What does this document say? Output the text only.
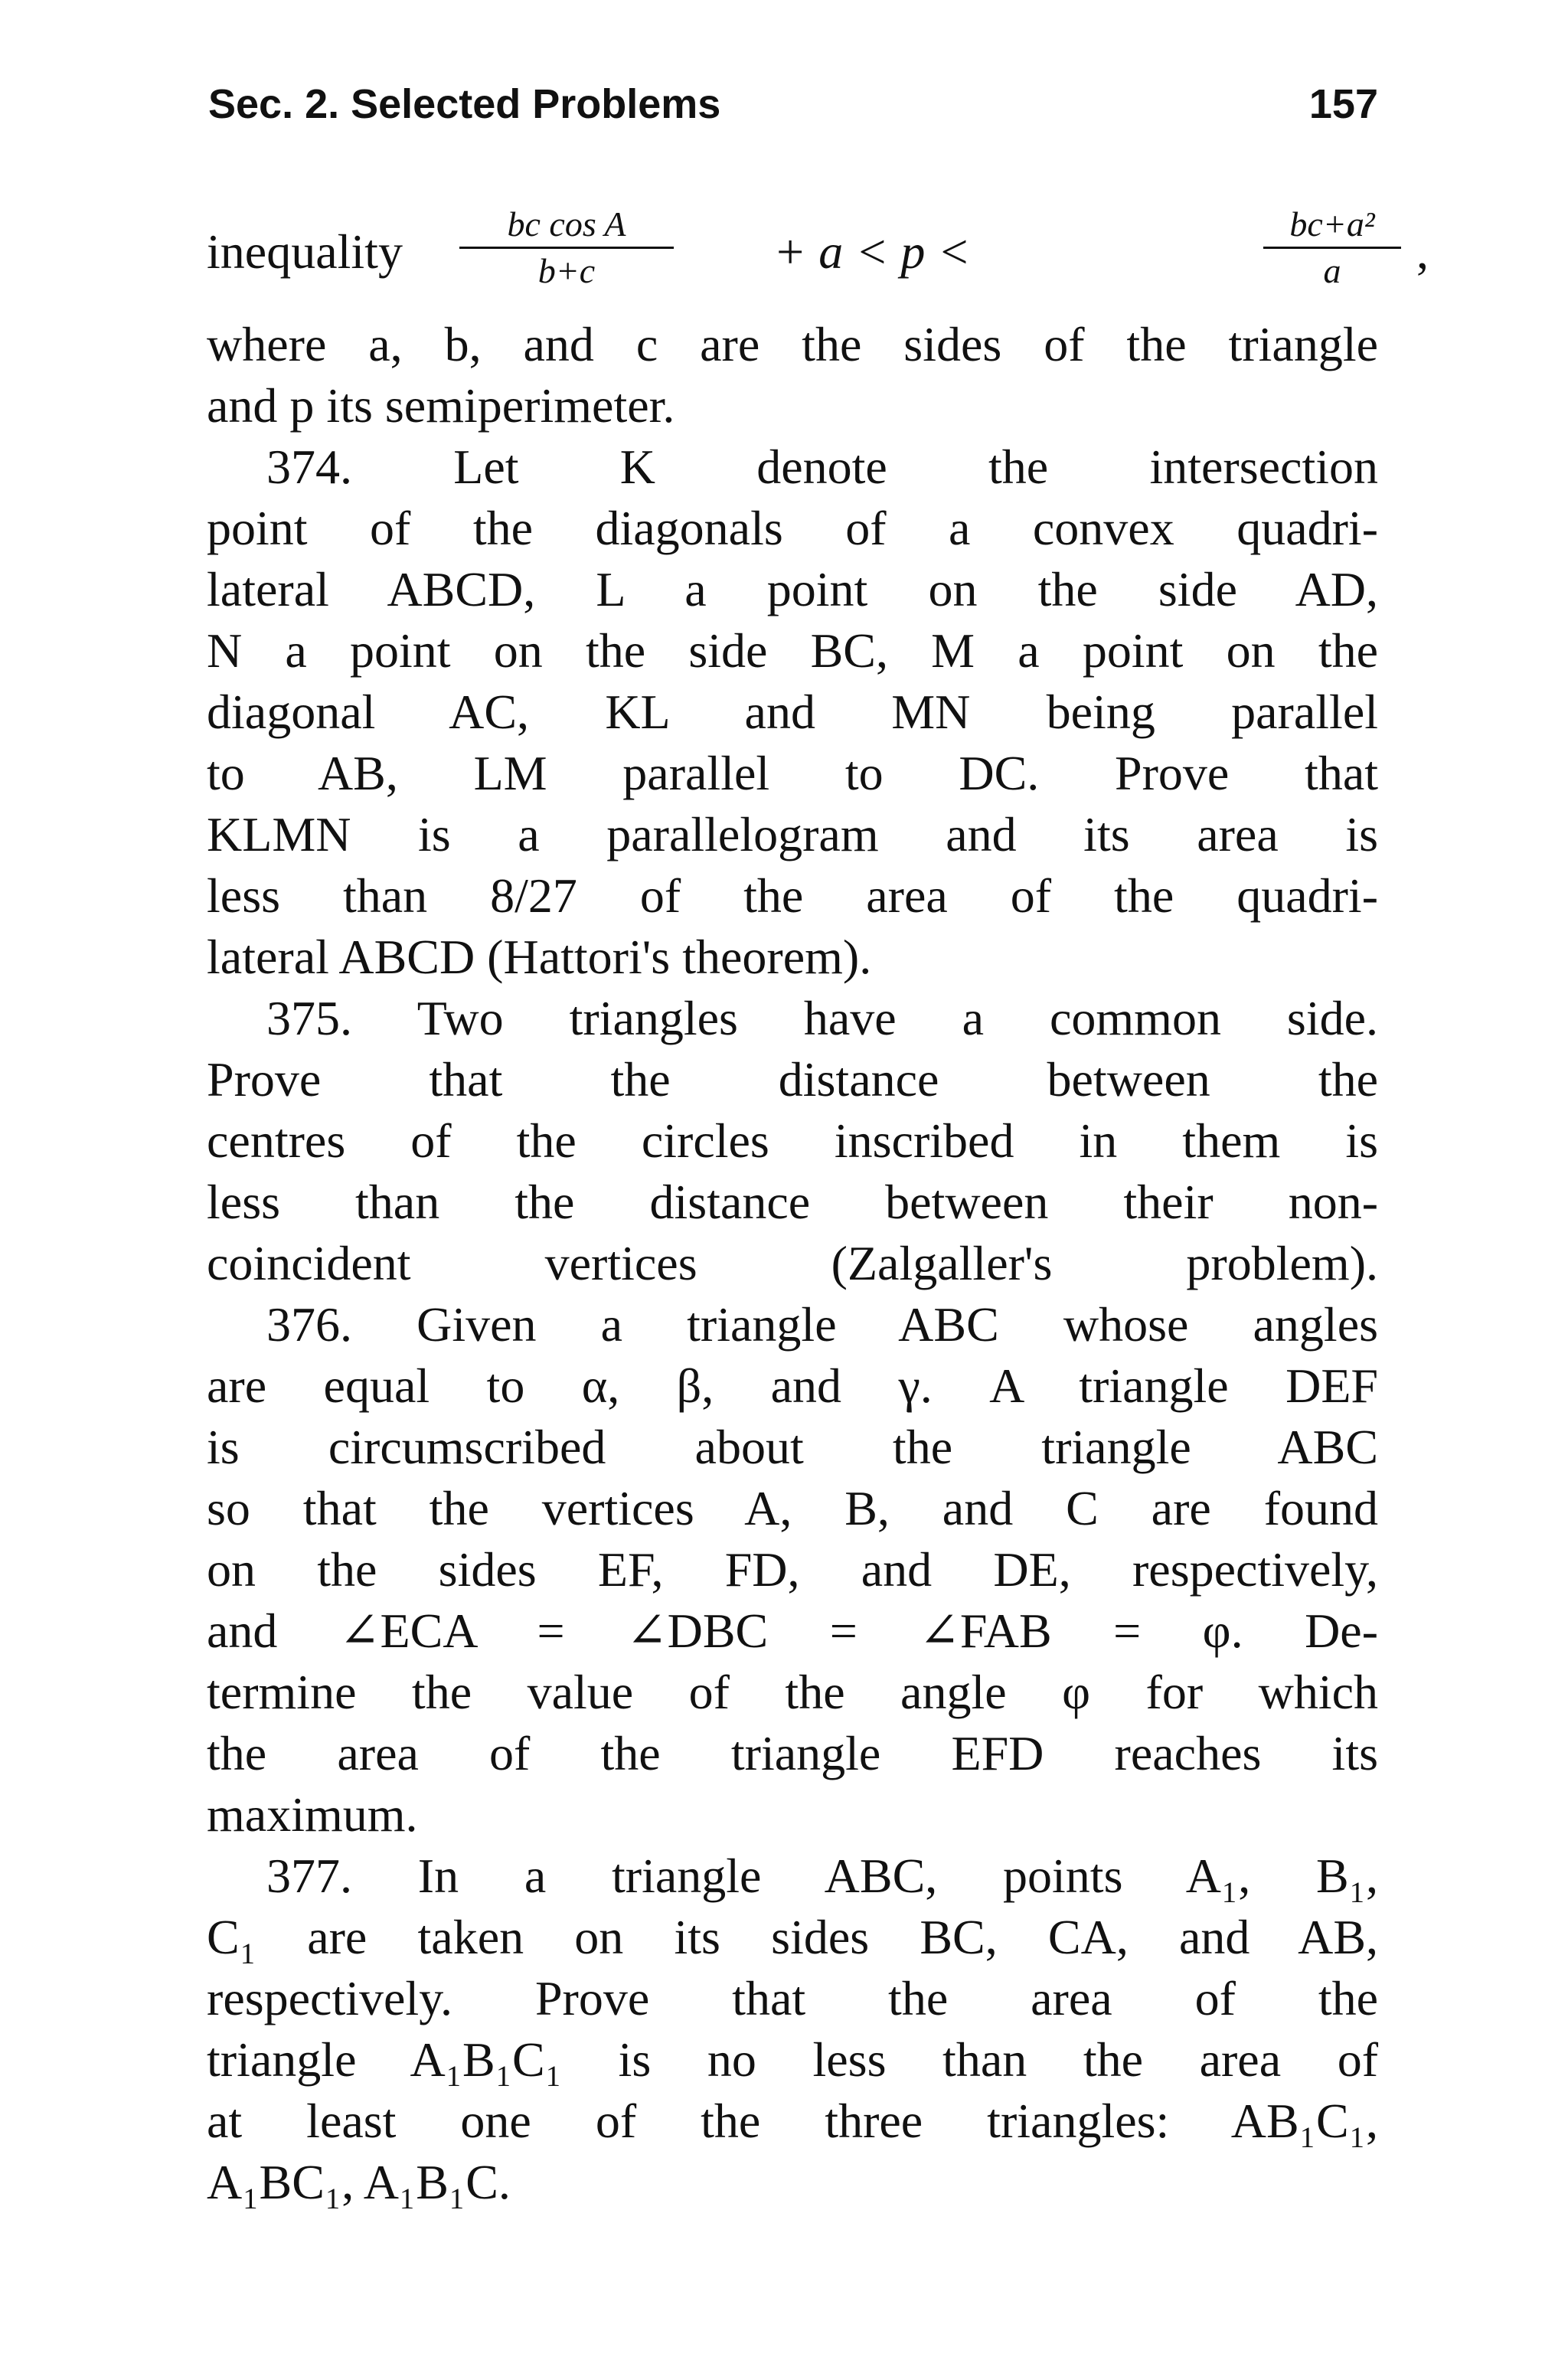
Sec. 2. Selected Problems	157
inequality
bc cos A
b+c	+ a < p <
bc+a²
a	,
where a, b, and c are the sides of the triangle
and p its semiperimeter.
374. Let K denote the intersection
point of the diagonals of a convex quadri-
lateral ABCD, L a point on the side AD,
N a point on the side BC, M a point on the
diagonal AC, KL and MN being parallel
to AB, LM parallel to DC. Prove that
KLMN is a parallelogram and its area is
less than 8/27 of the area of the quadri-
lateral ABCD (Hattori's theorem).
375. Two triangles have a common side.
Prove that the distance between the
centres of the circles inscribed in them is
less than the distance between their non-
coincident vertices (Zalgaller's problem).
376. Given a triangle ABC whose angles
are equal to α, β, and γ. A triangle DEF
is circumscribed about the triangle ABC
so that the vertices A, B, and C are found
on the sides EF, FD, and DE, respectively,
and ∠ECA = ∠DBC = ∠FAB = φ. De-
termine the value of the angle φ for which
the area of the triangle EFD reaches its
maximum.
377. In a triangle ABC, points A₁, B₁,
C₁ are taken on its sides BC, CA, and AB,
respectively. Prove that the area of the
triangle A₁B₁C₁ is no less than the area of
at least one of the three triangles: AB₁C₁,
A₁BC₁, A₁B₁C.
